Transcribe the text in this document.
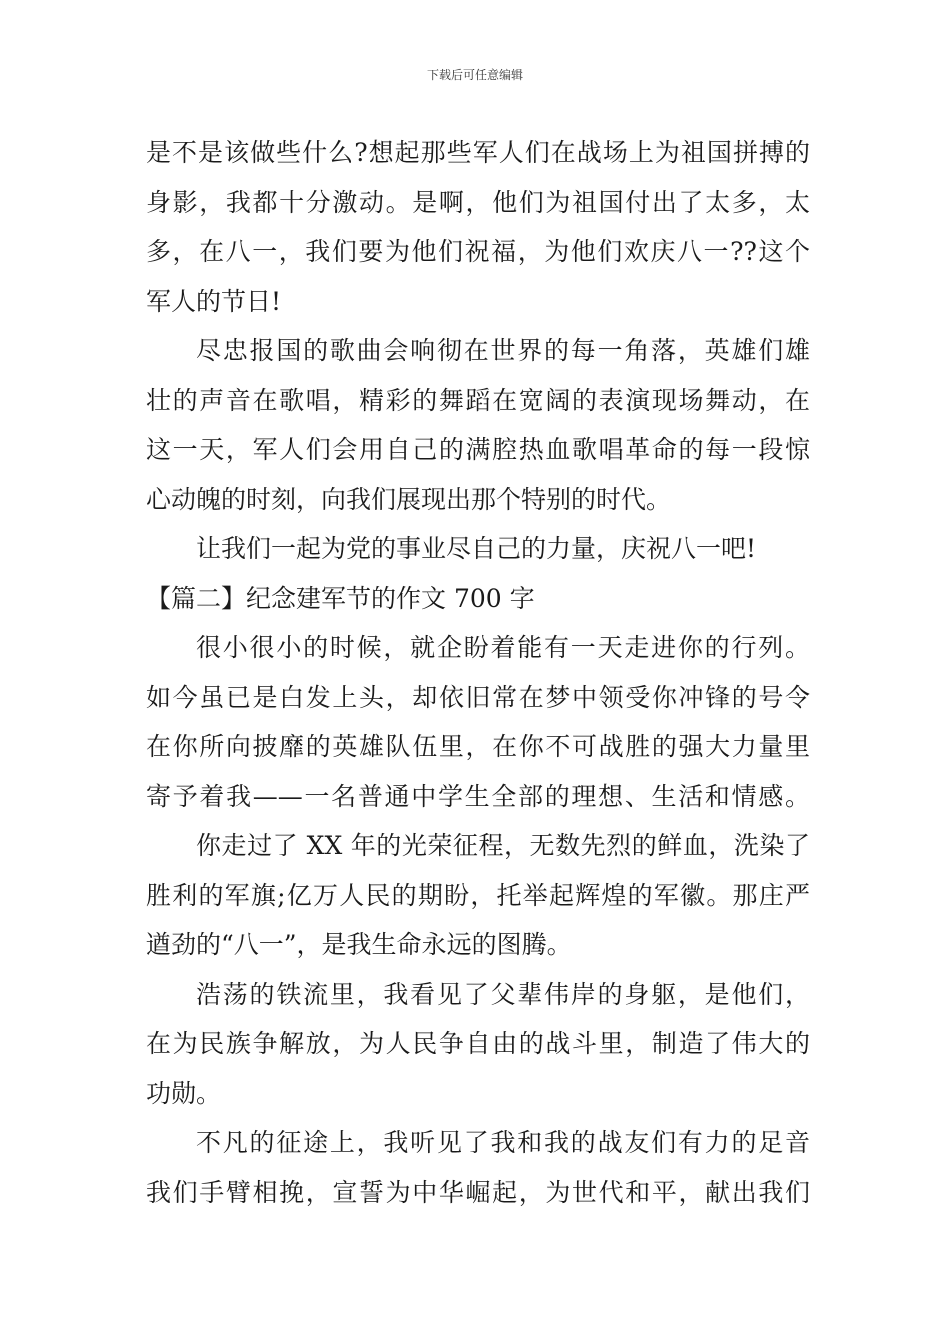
下载后可任意编辑
是不是该做些什么?想起那些军人们在战场上为祖国拼搏的
身影，我都十分激动。是啊，他们为祖国付出了太多，太
多，在八一，我们要为他们祝福，为他们欢庆八一??这个
军人的节日!
尽忠报国的歌曲会响彻在世界的每一角落，英雄们雄
壮的声音在歌唱，精彩的舞蹈在宽阔的表演现场舞动，在
这一天，军人们会用自己的满腔热血歌唱革命的每一段惊
心动魄的时刻，向我们展现出那个特别的时代。
让我们一起为党的事业尽自己的力量，庆祝八一吧!
【篇二】纪念建军节的作文 700 字
很小很小的时候，就企盼着能有一天走进你的行列。
如今虽已是白发上头，却依旧常在梦中领受你冲锋的号令
在你所向披靡的英雄队伍里，在你不可战胜的强大力量里
寄予着我——一名普通中学生全部的理想、生活和情感。
你走过了 XX 年的光荣征程，无数先烈的鲜血，洗染了
胜利的军旗;亿万人民的期盼，托举起辉煌的军徽。那庄严
遒劲的“八一”，是我生命永远的图腾。
浩荡的铁流里，我看见了父辈伟岸的身躯，是他们，
在为民族争解放，为人民争自由的战斗里，制造了伟大的
功勋。
不凡的征途上，我听见了我和我的战友们有力的足音
我们手臂相挽，宣誓为中华崛起，为世代和平，献出我们
